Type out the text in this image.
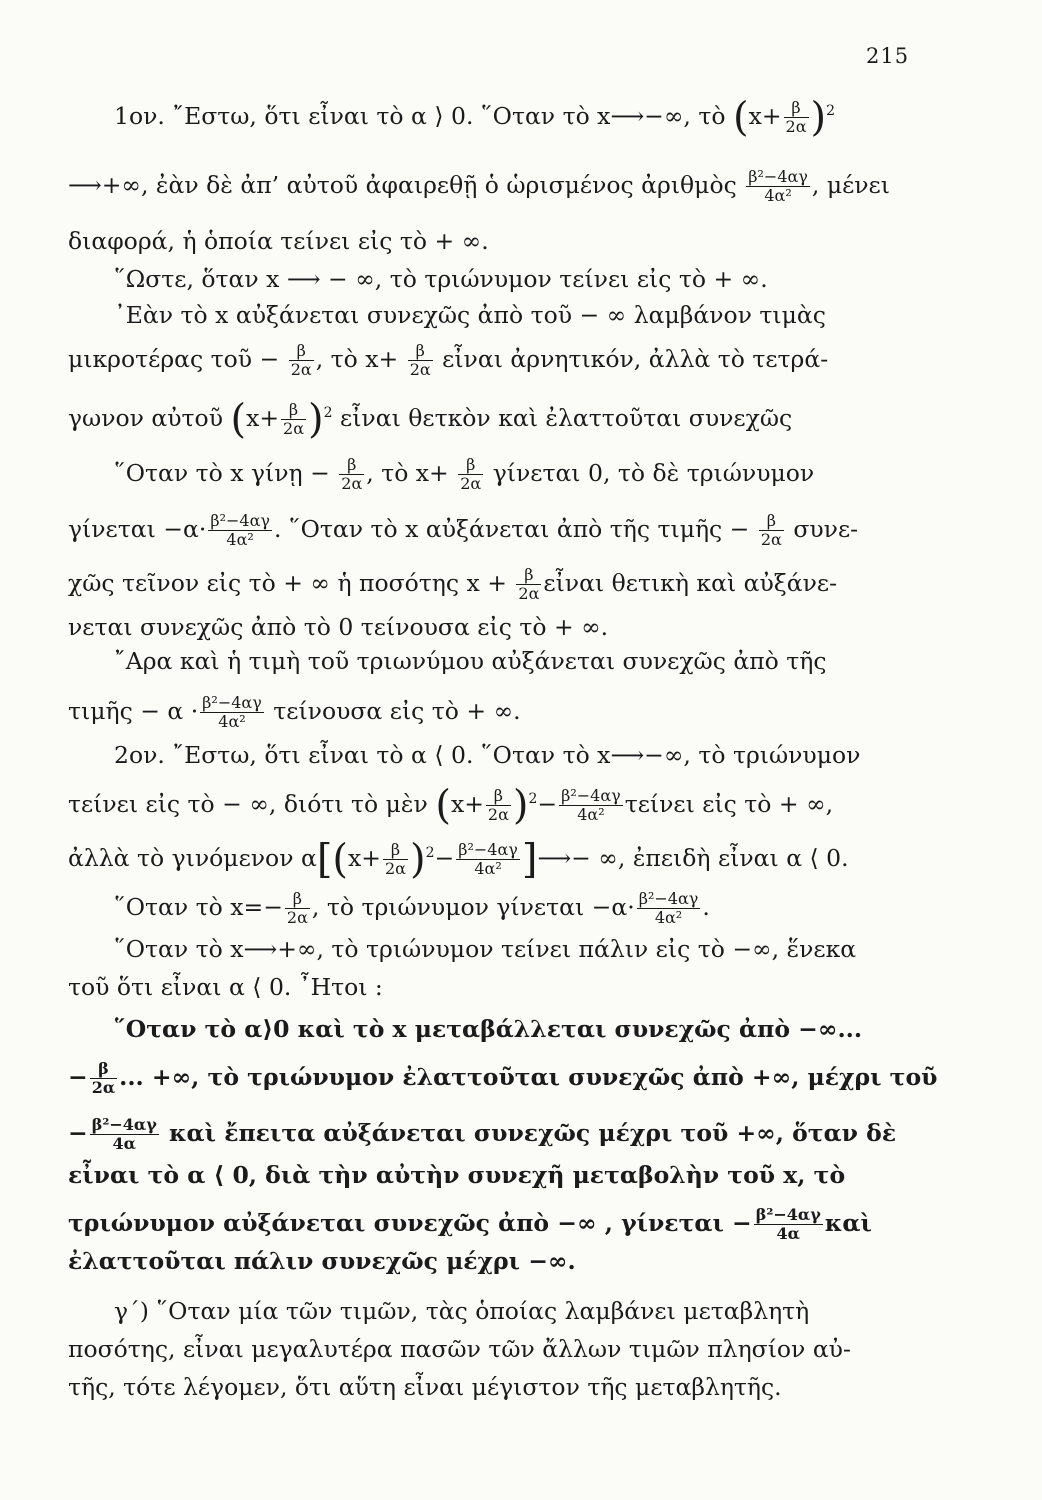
215
1ον. ῎Εστω, ὅτι εἶναι τὸ α ⟩ 0. ῞Οταν τὸ x⟶−∞, τὸ $(x+ \frac{\beta}{2\alpha} )^2$
⟶+∞, ἐὰν δὲ ἀπ’ αὐτοῦ ἀφαιρεθῇ ὁ ὡρισμένος ἀριθμὸς $\frac{\text{β²−4αγ}}{\text{4α²}}$ , μένει
διαφορά, ἡ ὁποία τείνει εἰς τὸ + ∞.
῞Ωστε, ὅταν x ⟶ − ∞, τὸ τριώνυμον τείνει εἰς τὸ + ∞.
᾿Εὰν τὸ x αὐξάνεται συνεχῶς ἀπὸ τοῦ − ∞ λαμβάνον τιμὰς
μικροτέρας τοῦ − $\frac{\beta}{2\alpha}$ , τὸ $x+ \frac{\beta}{2\alpha}$ εἶναι ἀρνητικόν, ἀλλὰ τὸ τετρά-
γωνον αὐτοῦ $(x+ \frac{\beta}{2\alpha} )^2$ εἶναι θετκὸν καὶ ἐλαττοῦται συνεχῶς
῞Οταν τὸ x γίνῃ − $\frac{\beta}{2\alpha}$ , τὸ $x+ \frac{\beta}{2\alpha}$ γίνεται 0, τὸ δὲ τριώνυμον
$\gamma ί\nu\varepsilon\tau\alpha\iota -\alpha\cdot \frac{\text{β²−4αγ}}{\text{4α²}}$ . ῞Οταν τὸ x αὐξάνεται ἀπὸ τῆς τιμῆς − $\frac{\beta}{2\alpha} \sigma\upsilon\nu\varepsilon-$
χῶς τεῖνον εἰς τὸ + ∞ ἡ ποσότης $x + \frac{\beta}{2\alpha}$ εἶναι θετικὴ καὶ αὐξάνε-
νεται συνεχῶς ἀπὸ τὸ 0 τείνουσα εἰς τὸ + ∞.
῎Αρα καὶ ἡ τιμὴ τοῦ τριωνύμου αὐξάνεται συνεχῶς ἀπὸ τῆς
τιμῆς − $\alpha \cdot \frac{\text{β²−4αγ}}{\text{4α²}}$ τείνουσα εἰς τὸ + ∞.
2ον. ῎Εστω, ὅτι εἶναι τὸ α ⟨ 0. ῞Οταν τὸ x⟶−∞, τὸ τριώνυμον
τείνει εἰς τὸ − ∞, διότι τὸ μὲν $(x+ \frac{\beta}{2\alpha} )^2- \frac{\text{β²−4αγ}}{\text{4α²}}$ τείνει εἰς τὸ + ∞,
ἀλλὰ τὸ γινόμενον $\alpha[(x+ \frac{\beta}{2\alpha} )^2- \frac{\text{β²−4αγ}}{\text{4α²}}$ ]⟶− ∞, ἐπειδὴ εἶναι α ⟨ 0.
῞Οταν τὸ $x=- \frac{\beta}{2\alpha}$ , τὸ τριώνυμον $\gamma ί\nu\varepsilon\tau\alpha\iota -\alpha\cdot \frac{\text{β²−4αγ}}{\text{4α²}}$ .
῞Οταν τὸ x⟶+∞, τὸ τριώνυμον τείνει πάλιν εἰς τὸ −∞, ἕνεκα
τοῦ ὅτι εἶναι α ⟨ 0. ῏Ητοι :
῞Οταν τὸ α⟩0 καὶ τὸ x μεταβάλλεται συνεχῶς ἀπὸ −∞...
− $\frac{\beta}{2\alpha}$ ... +∞, τὸ τριώνυμον ἐλαττοῦται συνεχῶς ἀπὸ +∞, μέχρι τοῦ
− $\frac{\text{β²−4αγ}}{4\alpha}$ καὶ ἔπειτα αὐξάνεται συνεχῶς μέχρι τοῦ +∞, ὅταν δὲ
εἶναι τὸ α ⟨ 0, διὰ τὴν αὐτὴν συνεχῆ μεταβολὴν τοῦ x, τὸ
τριώνυμον αὐξάνεται συνεχῶς ἀπὸ −∞ , $\gamma ί\nu\varepsilon\tau\alpha\iota - \frac{\text{β²−4αγ}}{4\alpha}$ καὶ
ἐλαττοῦται πάλιν συνεχῶς μέχρι −∞.
γ΄) ῞Οταν μία τῶν τιμῶν, τὰς ὁποίας λαμβάνει μεταβλητὴ
ποσότης, εἶναι μεγαλυτέρα πασῶν τῶν ἄλλων τιμῶν πλησίον αὐ-
τῆς, τότε λέγομεν, ὅτι αὕτη εἶναι μέγιστον τῆς μεταβλητῆς.
